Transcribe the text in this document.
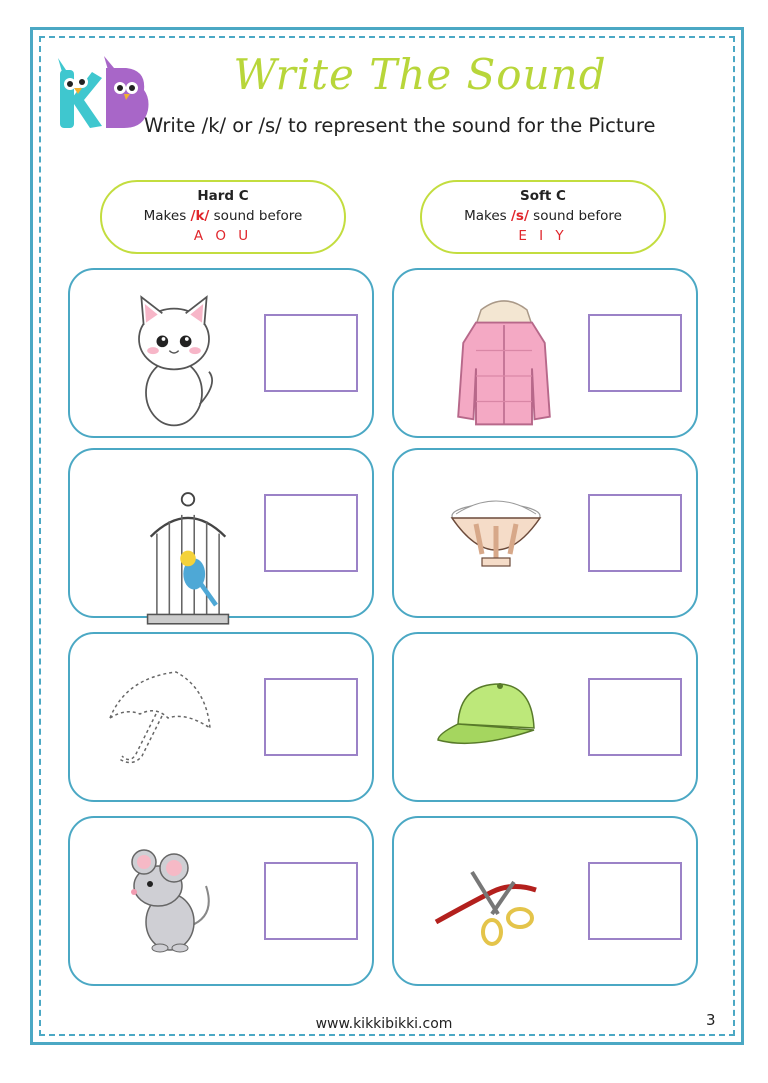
Write The Sound
Write /k/ or /s/ to represent the sound for the Picture
Hard C
Makes /k/ sound before
A O U
Soft C
Makes /s/ sound before
E I Y
www.kikkibikki.com	3
